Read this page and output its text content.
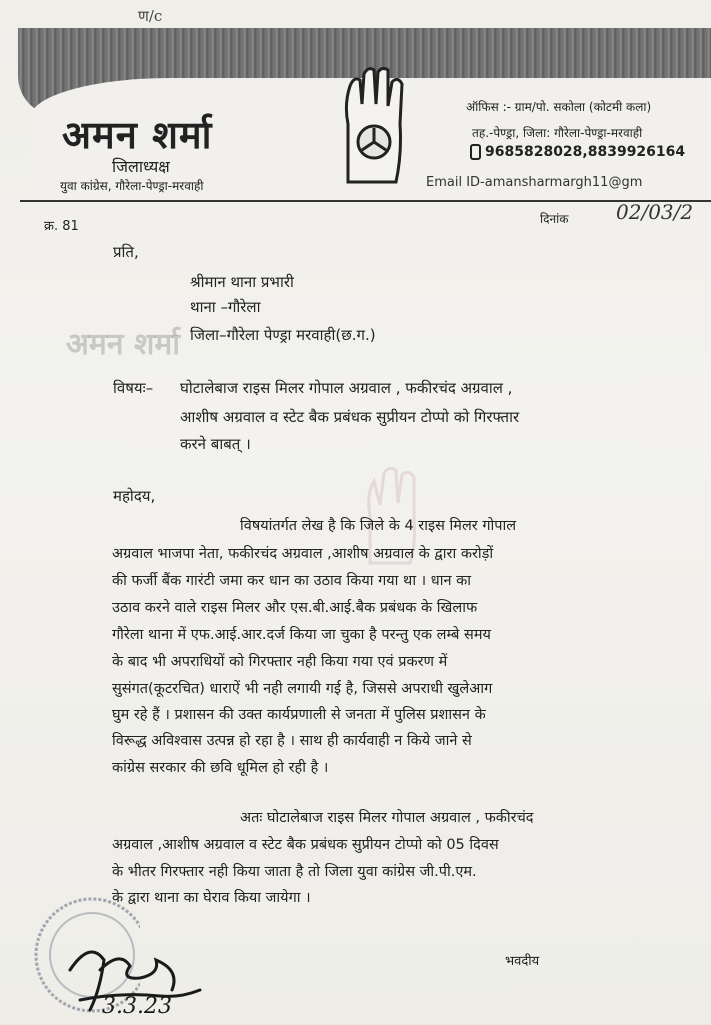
ण/c
अमन शर्मा
जिलाध्यक्ष
युवा कांग्रेस, गौरेला-पेण्ड्रा-मरवाही
ऑफिस :- ग्राम/पो. सकोला (कोटमी कला)
तह.-पेण्ड्रा, जिला: गौरेला-पेण्ड्रा-मरवाही
9685828028,8839926164
Email ID-amansharmargh11@gm
क्र. 81	दिनांक 02/03/2
प्रति,
श्रीमान थाना प्रभारी
थाना –गौरेला
अमन शर्मा जिला–गौरेला पेण्ड्रा मरवाही(छ.ग.)
विषयः– घोटालेबाज राइस मिलर गोपाल अग्रवाल , फकीरचंद अग्रवाल ,
आशीष अग्रवाल व स्टेट बैक प्रबंधक सुप्रीयन टोप्पो को गिरफ्तार
करने बाबत् ।
महोदय,
विषयांतर्गत लेख है कि जिले के 4 राइस मिलर गोपाल
अग्रवाल भाजपा नेता, फकीरचंद अग्रवाल ,आशीष अग्रवाल के द्वारा करोड़ों
की फर्जी बैंक गारंटी जमा कर धान का उठाव किया गया था । धान का
उठाव करने वाले राइस मिलर और एस.बी.आई.बैक प्रबंधक के खिलाफ
गौरेला थाना में एफ.आई.आर.दर्ज किया जा चुका है परन्तु एक लम्बे समय
के बाद भी अपराधियों को गिरफ्तार नही किया गया एवं प्रकरण में
सुसंगत(कूटरचित) धाराऐं भी नही लगायी गई है, जिससे अपराधी खुलेआग
घुम रहे हैं । प्रशासन की उक्त कार्यप्रणाली से जनता में पुलिस प्रशासन के
विरूद्ध अविश्वास उत्पन्न हो रहा है । साथ ही कार्यवाही न किये जाने से
कांग्रेस सरकार की छवि धूमिल हो रही है ।
अतः घोटालेबाज राइस मिलर गोपाल अग्रवाल , फकीरचंद
अग्रवाल ,आशीष अग्रवाल व स्टेट बैक प्रबंधक सुप्रीयन टोप्पो को 05 दिवस
के भीतर गिरफ्तार नही किया जाता है तो जिला युवा कांग्रेस जी.पी.एम.
के द्वारा थाना का घेराव किया जायेगा ।
भवदीय
3.3.23
